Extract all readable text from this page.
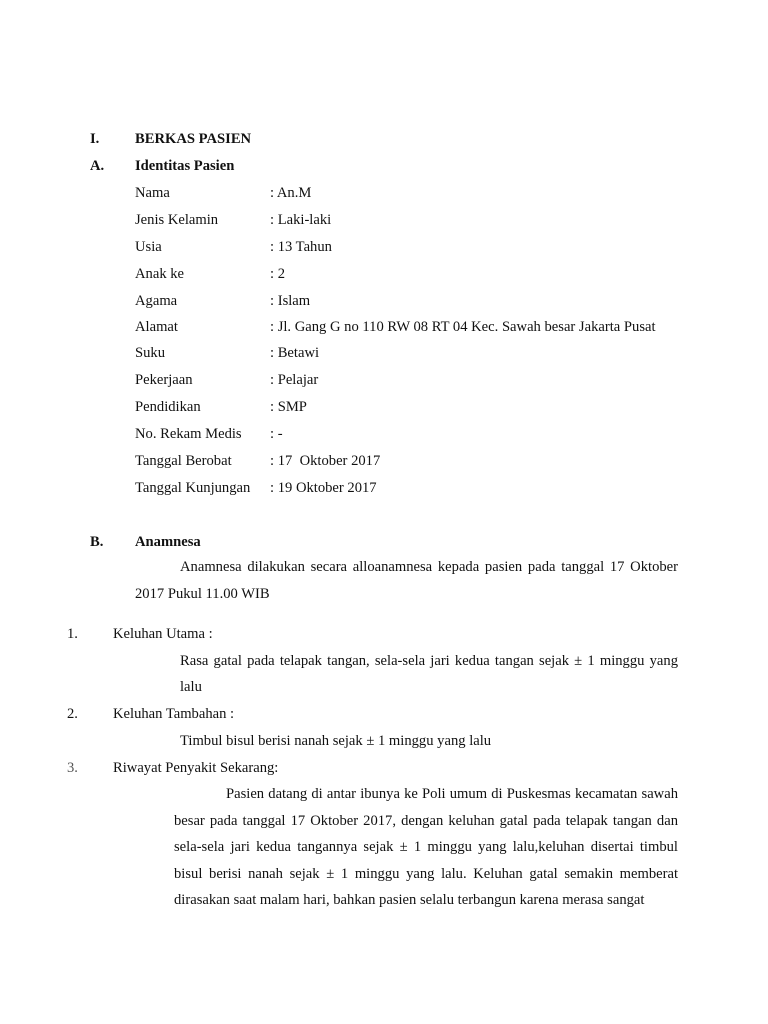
I. BERKAS PASIEN
A. Identitas Pasien
Nama	: An.M
Jenis Kelamin	: Laki-laki
Usia	: 13 Tahun
Anak ke	: 2
Agama	: Islam
Alamat	: Jl. Gang G no 110 RW 08 RT 04 Kec. Sawah besar Jakarta Pusat
Suku	: Betawi
Pekerjaan	: Pelajar
Pendidikan	: SMP
No. Rekam Medis : -
Tanggal Berobat	: 17  Oktober 2017
Tanggal Kunjungan : 19 Oktober 2017
B. Anamnesa
Anamnesa dilakukan secara alloanamnesa kepada pasien pada tanggal 17 Oktober
2017 Pukul 11.00 WIB
1. Keluhan Utama :
Rasa gatal pada telapak tangan, sela-sela jari kedua tangan sejak ± 1 minggu yang
lalu
2. Keluhan Tambahan :
Timbul bisul berisi nanah sejak ± 1 minggu yang lalu
3. Riwayat Penyakit Sekarang:
Pasien datang di antar ibunya ke Poli umum di Puskesmas kecamatan sawah besar pada tanggal 17 Oktober 2017, dengan keluhan gatal pada telapak tangan dan sela-sela jari kedua tangannya sejak ± 1 minggu yang lalu,keluhan disertai timbul bisul berisi nanah sejak ± 1 minggu yang lalu. Keluhan gatal semakin memberat dirasakan saat malam hari, bahkan pasien selalu terbangun karena merasa sangat
